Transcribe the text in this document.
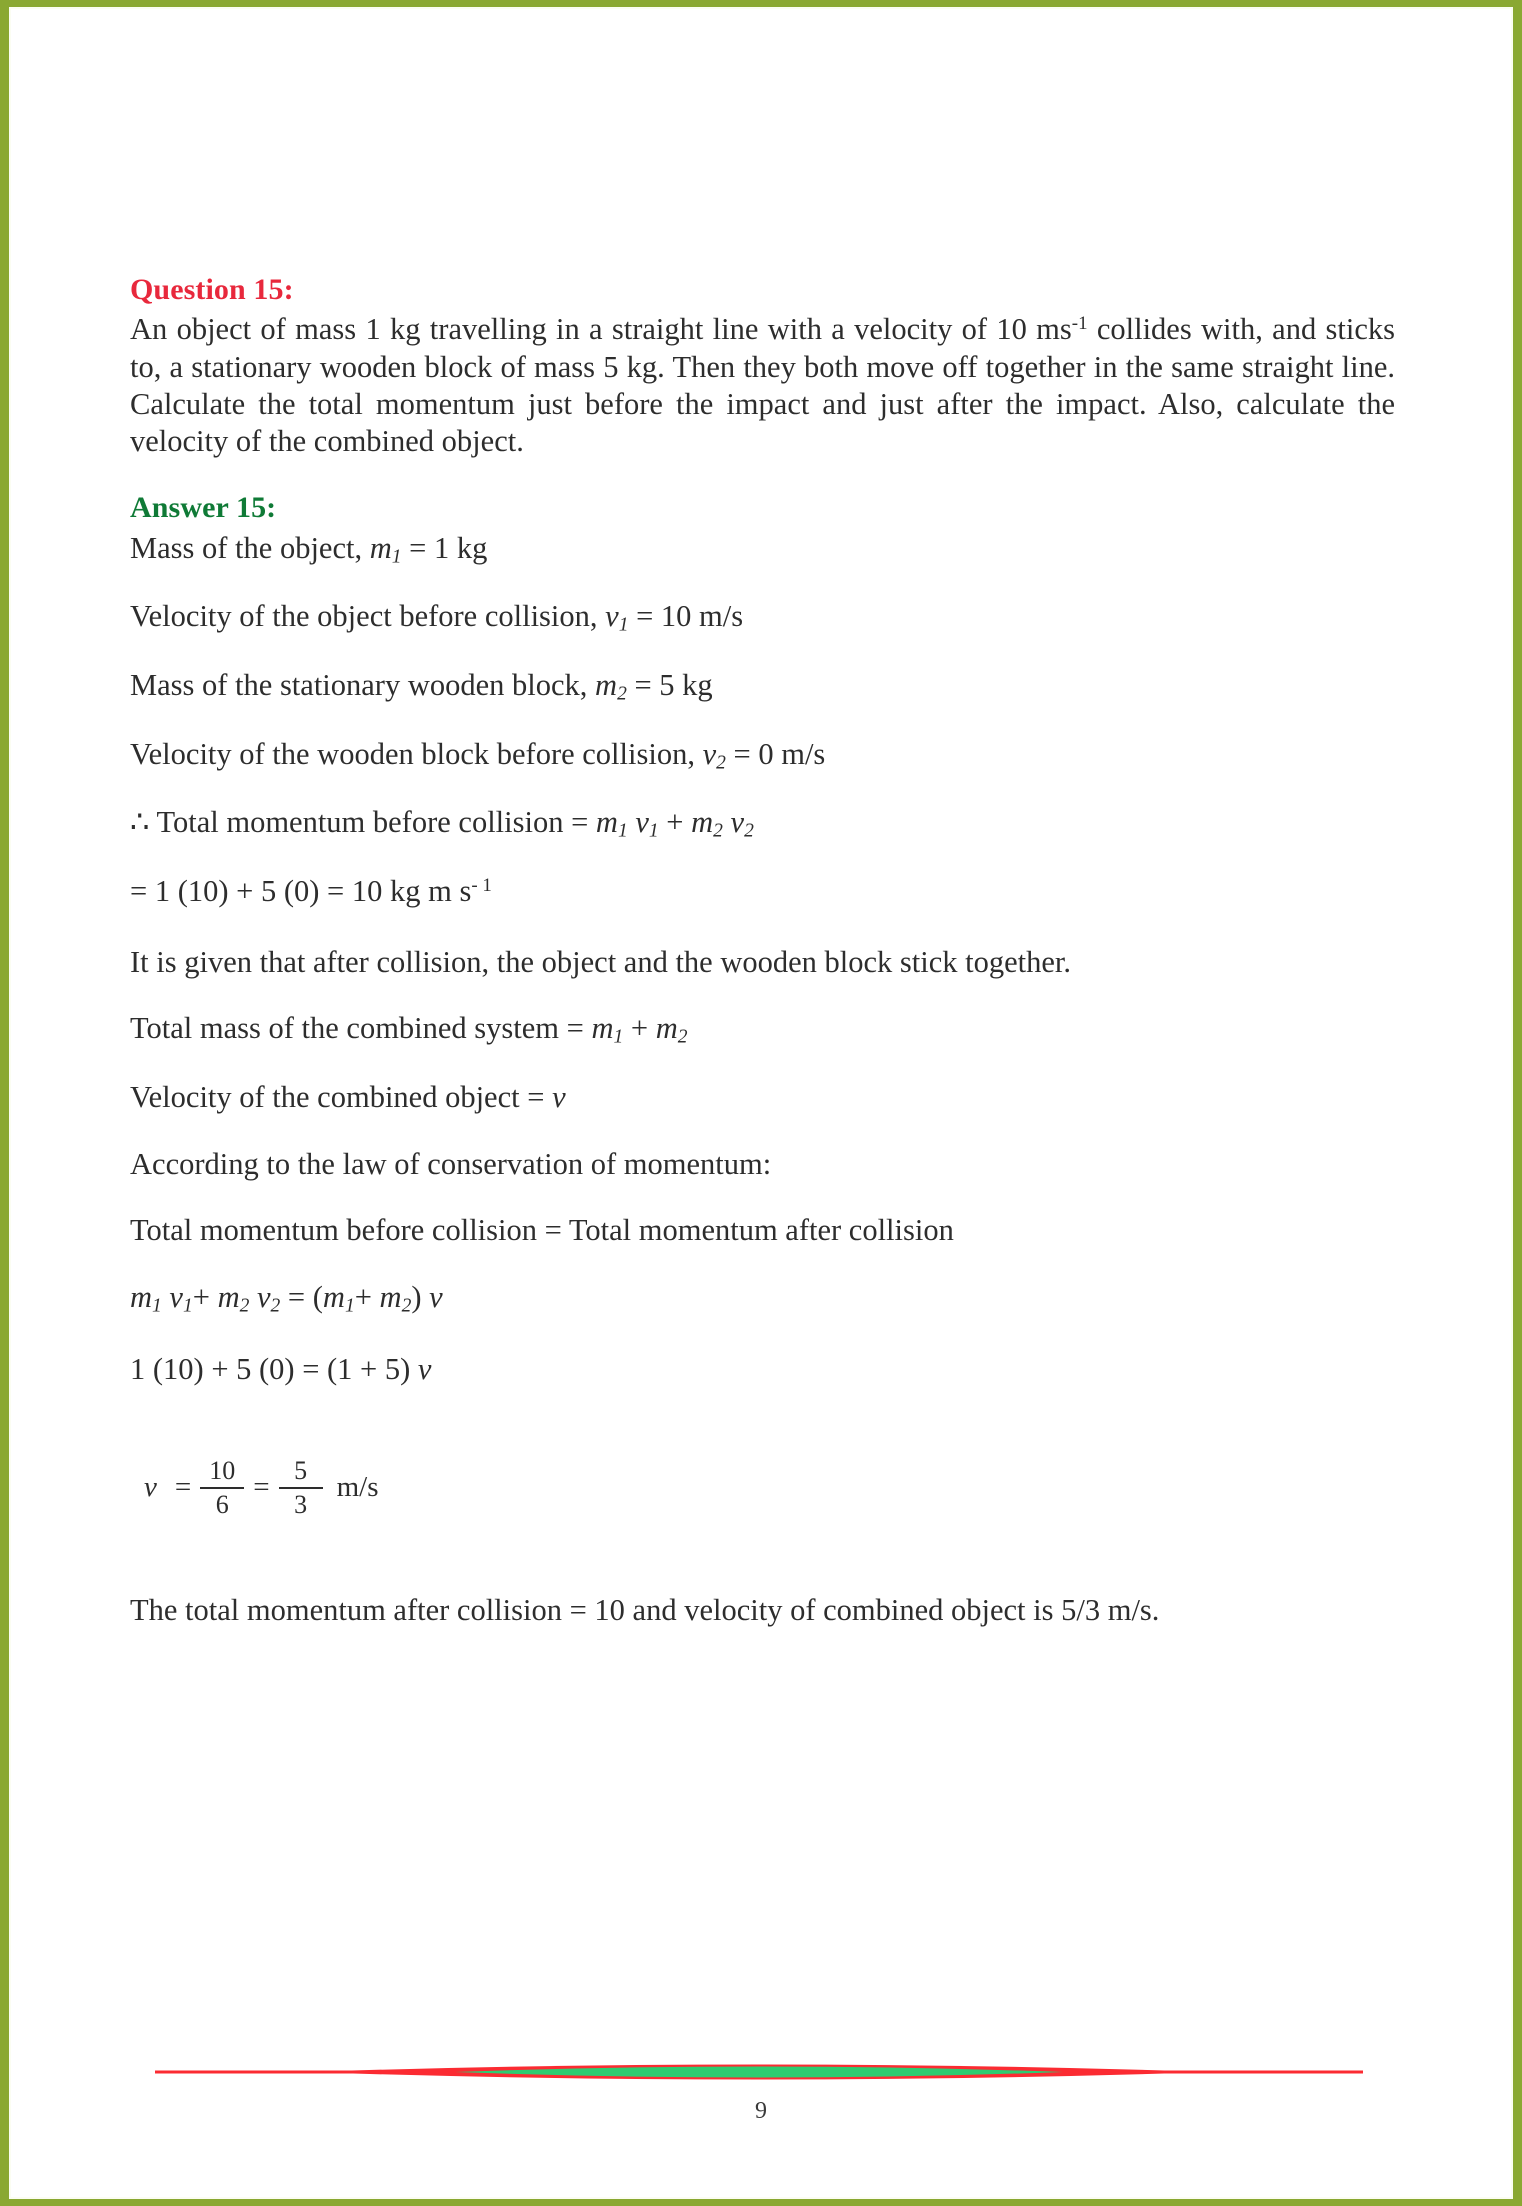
Question 15:

An object of mass 1 kg travelling in a straight line with a velocity of 10 $ms^{-1}$ collides with, and sticks to, a stationary wooden block of mass 5 kg. Then they both move off together in the same straight line. Calculate the total momentum just before the impact and just after the impact. Also, calculate the velocity of the combined object.

Answer 15:

Mass of the object, $m_1 = 1$ kg

Velocity of the object before collision, $v_1 = 10$ m/s

Mass of the stationary wooden block, $m_2 = 5$ kg

Velocity of the wooden block before collision, $v_2 = 0$ m/s

∴ Total momentum before collision = $m_1$ $v_1 + m_2$ $v_2$

= 1 (10) + 5 (0) = 10 kg m $s^{- 1}$

It is given that after collision, the object and the wooden block stick together.

Total mass of the combined system = $m_1 + m_2$

Velocity of the combined object = v

According to the law of conservation of momentum:

Total momentum before collision = Total momentum after collision

$m_1$ $v_1+ m_2$ $v_2 = (m_1+ m_2)$ v

1 (10) + 5 (0) = (1 + 5) v

$v = \frac{10}{6} = \frac{5}{3} m/s$

The total momentum after collision = 10 and velocity of combined object is 5/3 m/s.

9
